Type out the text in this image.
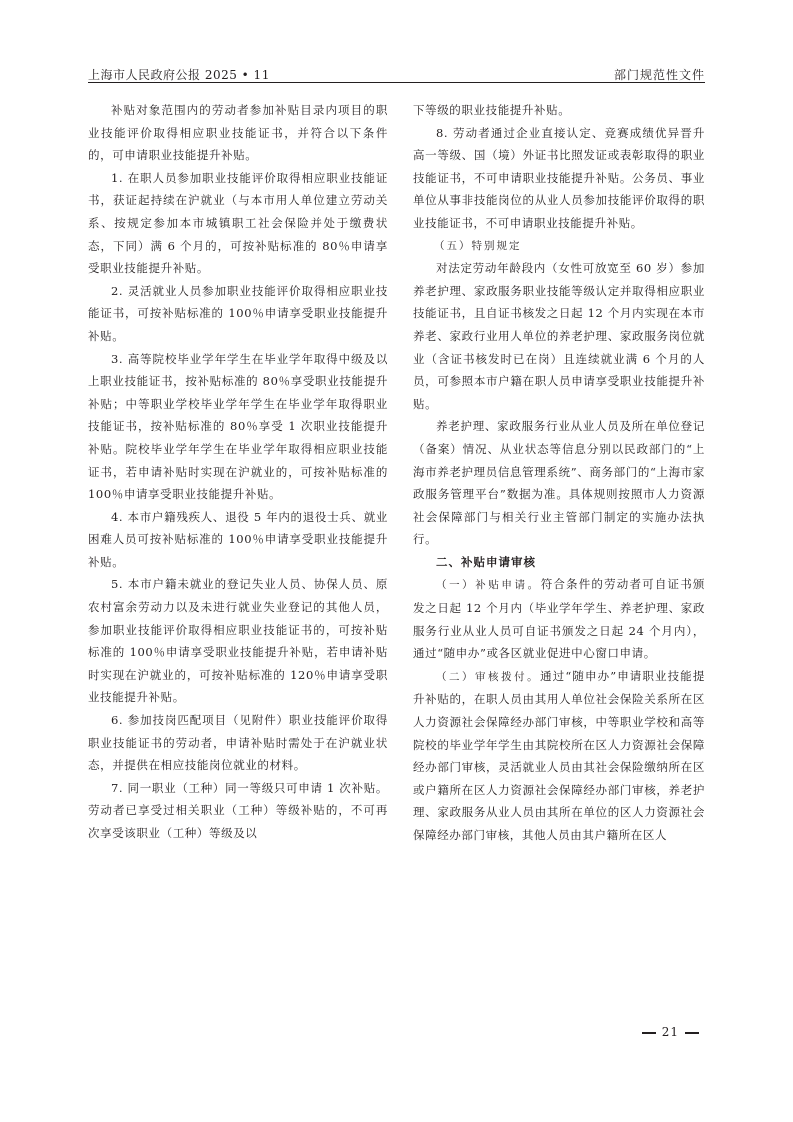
上海市人民政府公报 2025 • 11	部门规范性文件

补贴对象范围内的劳动者参加补贴目录内项目的职业技能评价取得相应职业技能证书，并符合以下条件的，可申请职业技能提升补贴。

1. 在职人员参加职业技能评价取得相应职业技能证书，获证起持续在沪就业（与本市用人单位建立劳动关系、按规定参加本市城镇职工社会保险并处于缴费状态，下同）满 6 个月的，可按补贴标准的 80％申请享受职业技能提升补贴。

2. 灵活就业人员参加职业技能评价取得相应职业技能证书，可按补贴标准的 100％申请享受职业技能提升补贴。

3. 高等院校毕业学年学生在毕业学年取得中级及以上职业技能证书，按补贴标准的 80％享受职业技能提升补贴；中等职业学校毕业学年学生在毕业学年取得职业技能证书，按补贴标准的 80％享受 1 次职业技能提升补贴。院校毕业学年学生在毕业学年取得相应职业技能证书，若申请补贴时实现在沪就业的，可按补贴标准的 100％申请享受职业技能提升补贴。

4. 本市户籍残疾人、退役 5 年内的退役士兵、就业困难人员可按补贴标准的 100％申请享受职业技能提升补贴。

5. 本市户籍未就业的登记失业人员、协保人员、原农村富余劳动力以及未进行就业失业登记的其他人员，参加职业技能评价取得相应职业技能证书的，可按补贴标准的 100％申请享受职业技能提升补贴，若申请补贴时实现在沪就业的，可按补贴标准的 120％申请享受职业技能提升补贴。

6. 参加技岗匹配项目（见附件）职业技能评价取得职业技能证书的劳动者，申请补贴时需处于在沪就业状态，并提供在相应技能岗位就业的材料。

7. 同一职业（工种）同一等级只可申请 1 次补贴。劳动者已享受过相关职业（工种）等级补贴的，不可再次享受该职业（工种）等级及以

下等级的职业技能提升补贴。

8. 劳动者通过企业直接认定、竞赛成绩优异晋升高一等级、国（境）外证书比照发证或表彰取得的职业技能证书，不可申请职业技能提升补贴。公务员、事业单位从事非技能岗位的从业人员参加技能评价取得的职业技能证书，不可申请职业技能提升补贴。

（五）特别规定

对法定劳动年龄段内（女性可放宽至 60 岁）参加养老护理、家政服务职业技能等级认定并取得相应职业技能证书，且自证书核发之日起 12 个月内实现在本市养老、家政行业用人单位的养老护理、家政服务岗位就业（含证书核发时已在岗）且连续就业满 6 个月的人员，可参照本市户籍在职人员申请享受职业技能提升补贴。

养老护理、家政服务行业从业人员及所在单位登记（备案）情况、从业状态等信息分别以民政部门的“上海市养老护理员信息管理系统”、商务部门的“上海市家政服务管理平台”数据为准。具体规则按照市人力资源社会保障部门与相关行业主管部门制定的实施办法执行。

二、补贴申请审核

（一）补贴申请。符合条件的劳动者可自证书颁发之日起 12 个月内（毕业学年学生、养老护理、家政服务行业从业人员可自证书颁发之日起 24 个月内），通过“随申办”或各区就业促进中心窗口申请。

（二）审核拨付。通过“随申办”申请职业技能提升补贴的，在职人员由其用人单位社会保险关系所在区人力资源社会保障经办部门审核，中等职业学校和高等院校的毕业学年学生由其院校所在区人力资源社会保障经办部门审核，灵活就业人员由其社会保险缴纳所在区或户籍所在区人力资源社会保障经办部门审核，养老护理、家政服务从业人员由其所在单位的区人力资源社会保障经办部门审核，其他人员由其户籍所在区人

21
